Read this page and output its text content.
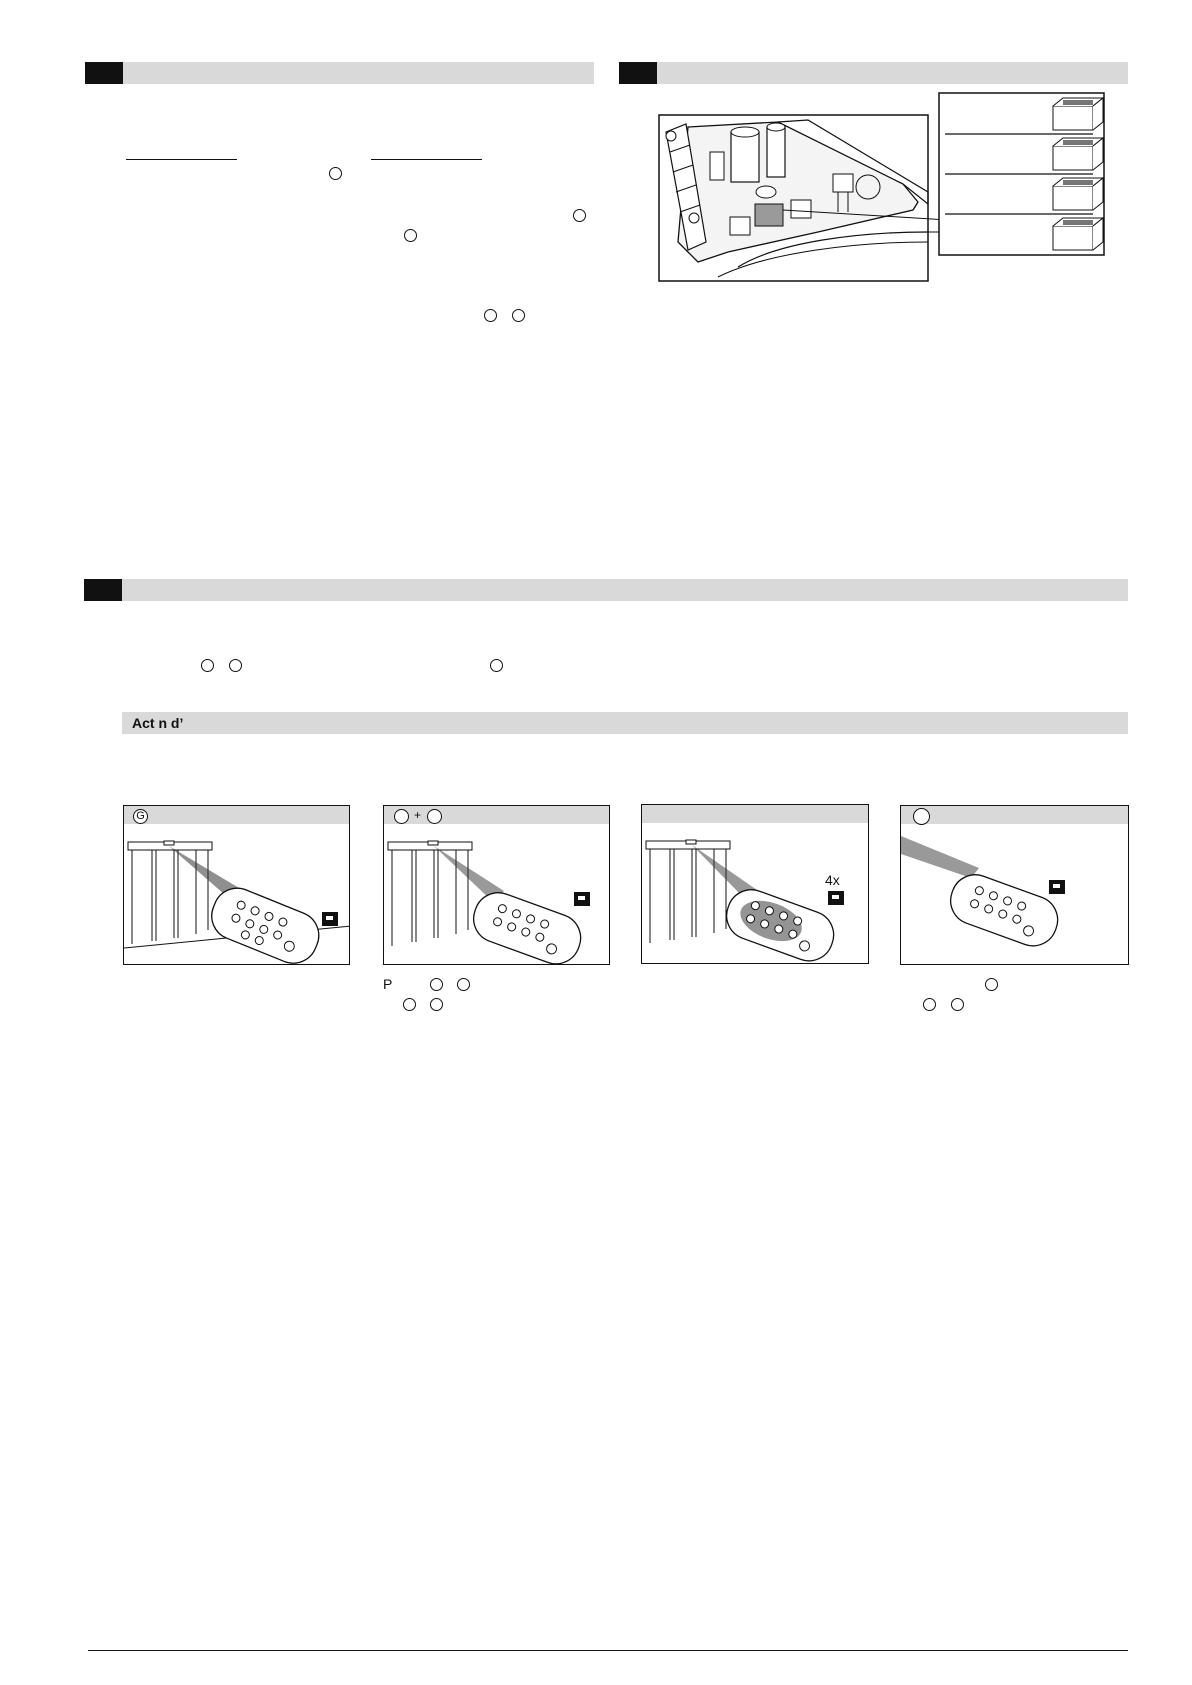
Act n d’
G	+
4x
P
